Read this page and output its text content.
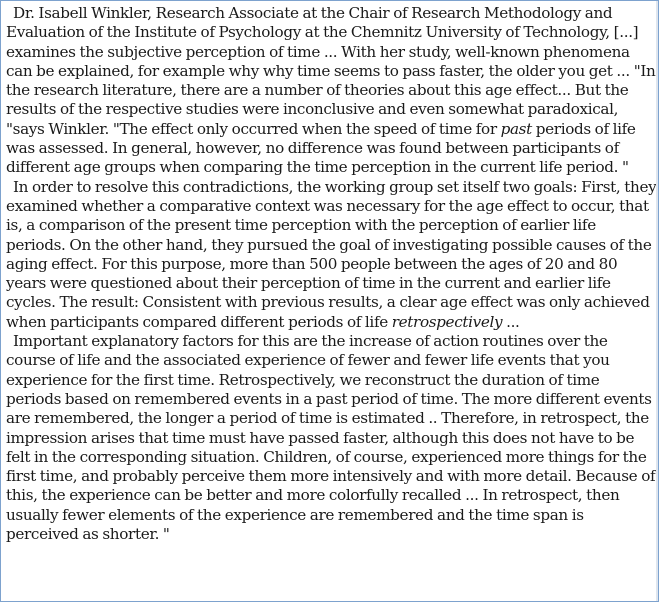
Dr. Isabell Winkler, Research Associate at the Chair of Research Methodology and Evaluation of the Institute of Psychology at the Chemnitz University of Technology, [...] examines the subjective perception of time ... With her study, well-known phenomena can be explained, for example why why time seems to pass faster, the older you get ... "In the research literature, there are a number of theories about this age effect... But the results of the respective studies were inconclusive and even somewhat paradoxical, "says Winkler. "The effect only occurred when the speed of time for past periods of life was assessed. In general, however, no difference was found between participants of different age groups when comparing the time perception in the current life period. "

In order to resolve this contradictions, the working group set itself two goals: First, they examined whether a comparative context was necessary for the age effect to occur, that is, a comparison of the present time perception with the perception of earlier life periods. On the other hand, they pursued the goal of investigating possible causes of the aging effect. For this purpose, more than 500 people between the ages of 20 and 80 years were questioned about their perception of time in the current and earlier life cycles. The result: Consistent with previous results, a clear age effect was only achieved when participants compared different periods of life retrospectively ...

Important explanatory factors for this are the increase of action routines over the course of life and the associated experience of fewer and fewer life events that you experience for the first time. Retrospectively, we reconstruct the duration of time periods based on remembered events in a past period of time. The more different events are remembered, the longer a period of time is estimated .. Therefore, in retrospect, the impression arises that time must have passed faster, although this does not have to be felt in the corresponding situation. Children, of course, experienced more things for the first time, and probably perceive them more intensively and with more detail. Because of this, the experience can be better and more colorfully recalled ... In retrospect, then usually fewer elements of the experience are remembered and the time span is perceived as shorter. "
